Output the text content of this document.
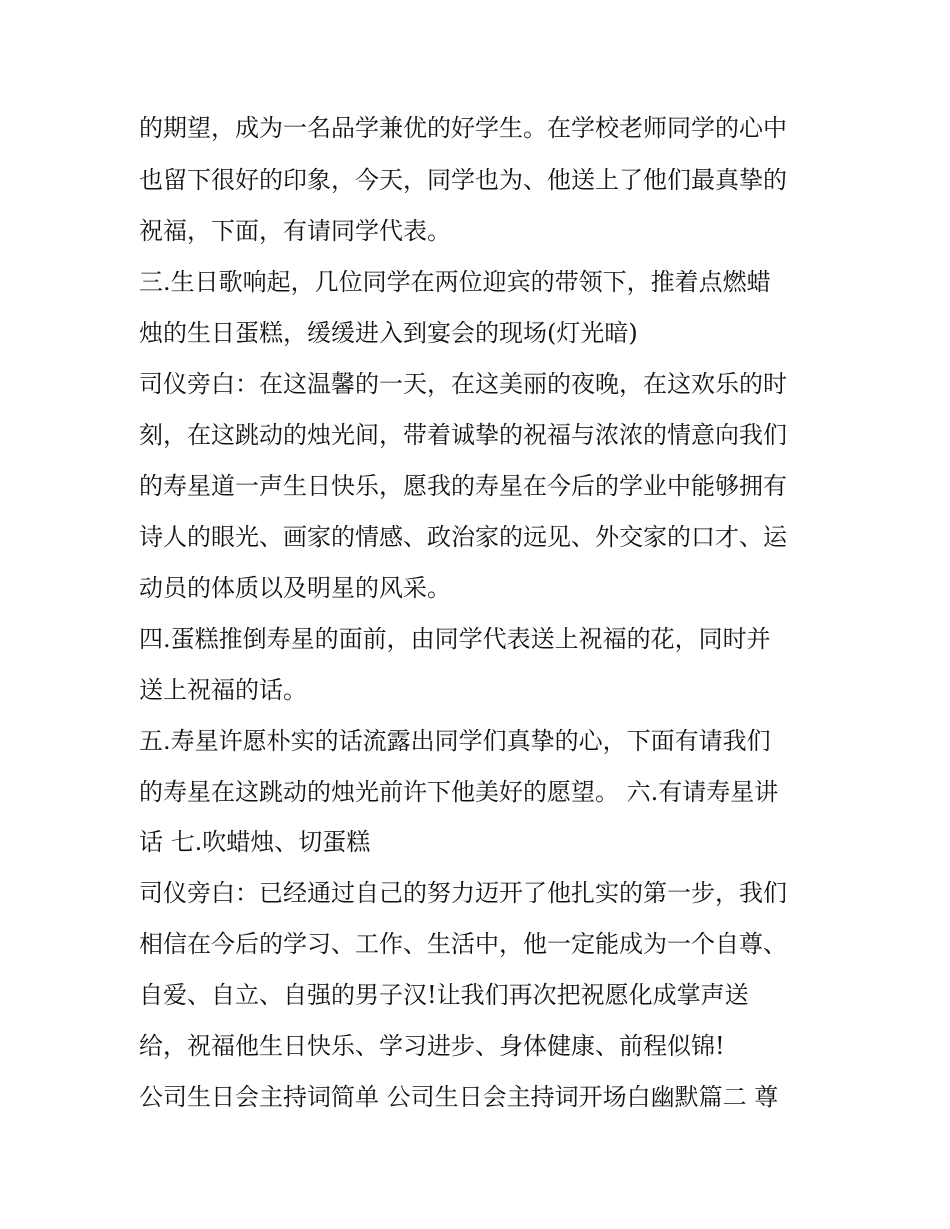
的期望，成为一名品学兼优的好学生。在学校老师同学的心中
也留下很好的印象，今天，同学也为、他送上了他们最真挚的
祝福，下面，有请同学代表。
三.生日歌响起，几位同学在两位迎宾的带领下，推着点燃蜡
烛的生日蛋糕，缓缓进入到宴会的现场(灯光暗)
司仪旁白：在这温馨的一天，在这美丽的夜晚，在这欢乐的时
刻，在这跳动的烛光间，带着诚挚的祝福与浓浓的情意向我们
的寿星道一声生日快乐，愿我的寿星在今后的学业中能够拥有
诗人的眼光、画家的情感、政治家的远见、外交家的口才、运
动员的体质以及明星的风采。
四.蛋糕推倒寿星的面前，由同学代表送上祝福的花，同时并
送上祝福的话。
五.寿星许愿朴实的话流露出同学们真挚的心，下面有请我们
的寿星在这跳动的烛光前许下他美好的愿望。 六.有请寿星讲
话 七.吹蜡烛、切蛋糕
司仪旁白：已经通过自己的努力迈开了他扎实的第一步，我们
相信在今后的学习、工作、生活中，他一定能成为一个自尊、
自爱、自立、自强的男子汉!让我们再次把祝愿化成掌声送
给，祝福他生日快乐、学习进步、身体健康、前程似锦!
公司生日会主持词简单 公司生日会主持词开场白幽默篇二 尊
